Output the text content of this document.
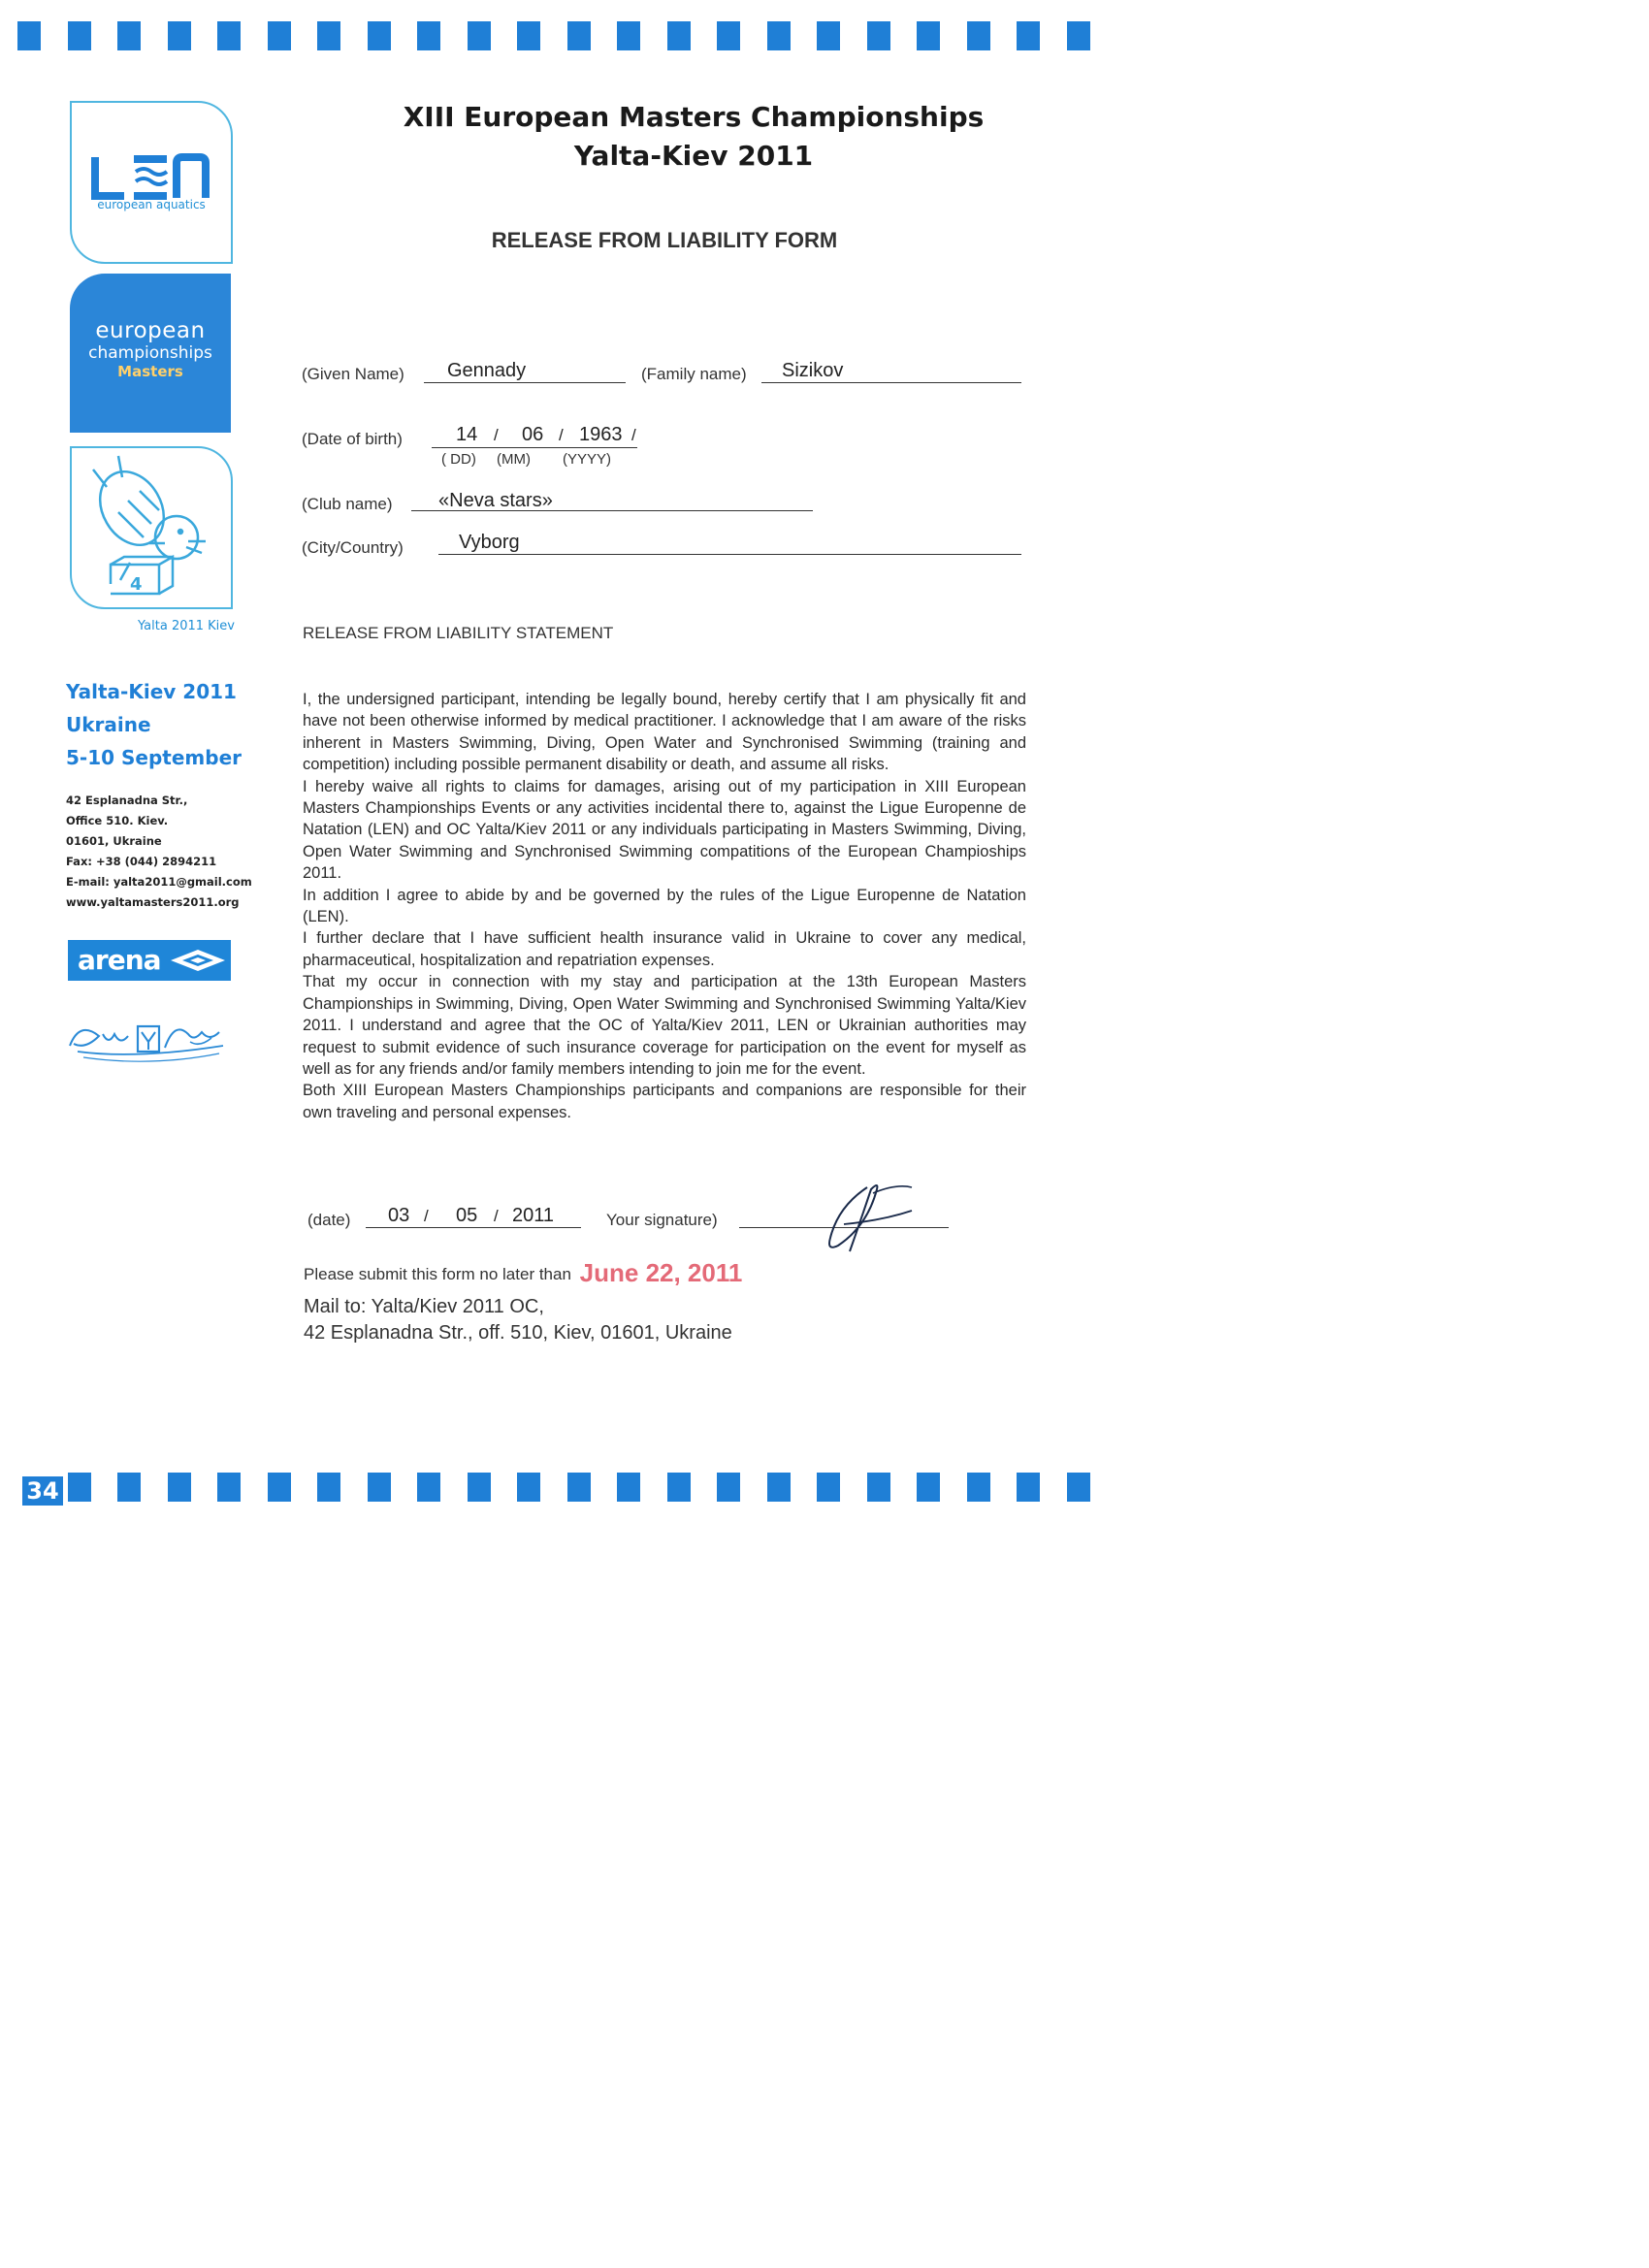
34
european aquatics
european
championships
Masters
4
Yalta 2011 Kiev
Yalta-Kiev 2011
Ukraine
5-10 September
42 Esplanadna Str.,
Office 510. Kiev.
01601, Ukraine
Fax: +38 (044) 2894211
E-mail: yalta2011@gmail.com
www.yaltamasters2011.org
arena
XIII European Masters Championships
Yalta-Kiev 2011
RELEASE FROM LIABILITY FORM
(Given Name) Gennady	(Family name) Sizikov
(Date of birth)	14 / 06 / 1963 /
( DD) (MM) (YYYY)
(Club name) «Neva stars»
(City/Country)	Vyborg
RELEASE FROM LIABILITY STATEMENT

I, the undersigned participant, intending be legally bound, hereby certify that I am physically fit and have not been otherwise informed by medical practitioner. I acknowledge that I am aware of the risks inherent in Masters Swimming, Diving, Open Water and Synchronised Swimming (training and competition) including possible permanent disability or death, and assume all risks.

I hereby waive all rights to claims for damages, arising out of my participation in XIII European Masters Championships Events or any activities incidental there to, against the Ligue Europenne de Natation (LEN) and OC Yalta/Kiev 2011 or any individuals participating in Masters Swimming, Diving, Open Water Swimming and Synchronised Swimming compatitions of the European Champioships 2011.

In addition I agree to abide by and be governed by the rules of the Ligue Europenne de Natation (LEN).

I further declare that I have sufficient health insurance valid in Ukraine to cover any medical, pharmaceutical, hospitalization and repatriation expenses.

That my occur in connection with my stay and participation at the 13th European Masters Championships in Swimming, Diving, Open Water Swimming and Synchronised Swimming Yalta/Kiev 2011. I understand and agree that the OC of Yalta/Kiev 2011, LEN or Ukrainian authorities may request to submit evidence of such insurance coverage for participation on the event for myself as well as for any friends and/or family members intending to join me for the event.

Both XIII European Masters Championships participants and companions are responsible for their own traveling and personal expenses.

(date) 03 / 05 / 2011	Your signature)
Please submit this form no later than June 22, 2011
Mail to: Yalta/Kiev 2011 OC,
42 Esplanadna Str., off. 510, Kiev, 01601, Ukraine
